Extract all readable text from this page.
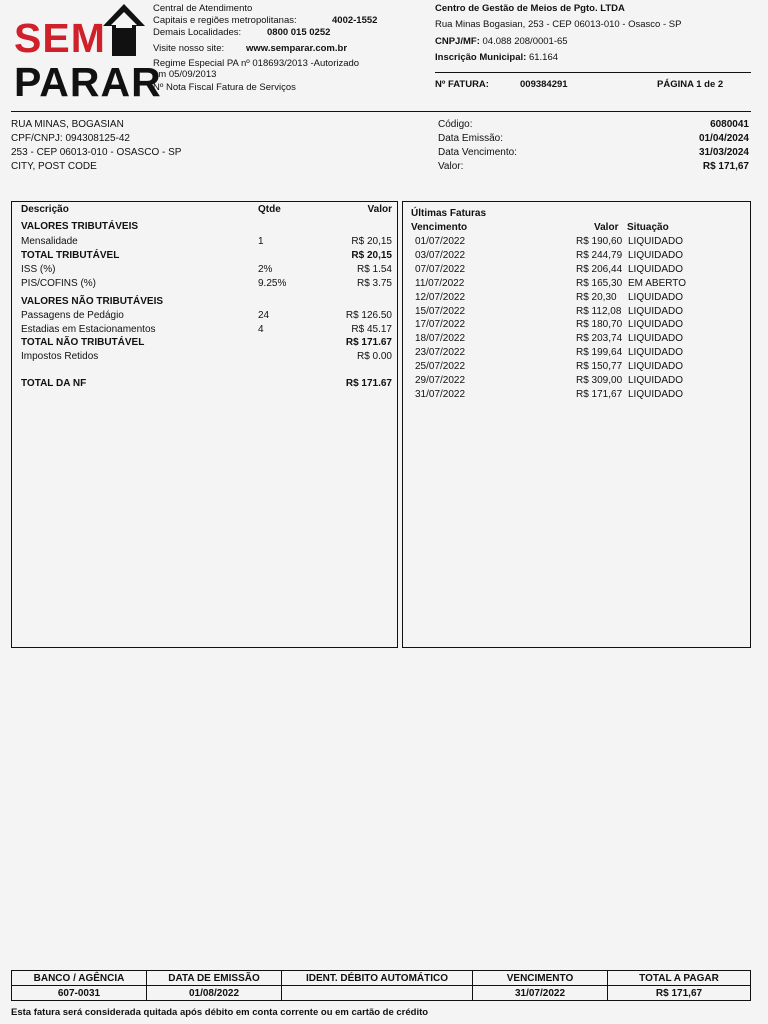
SEM
PARAR
Central de Atendimento
Capitais e regiões metropolitanas:	4002-1552
Demais Localidades:	0800 015 0252
Visite nosso site: www.semparar.com.br
Regime Especial PA nº 018693/2013 -Autorizado
em 05/09/2013
Nº Nota Fiscal Fatura de Serviços
Centro de Gestão de Meios de Pgto. LTDA
Rua Minas Bogasian, 253 - CEP 06013-010 - Osasco - SP
CNPJ/MF: 04.088 208/0001-65
Inscrição Municipal: 61.164
Nº FATURA:	009384291	PÁGINA 1 de 2
RUA MINAS, BOGASIAN
CPF/CNPJ: 094308125-42
253 - CEP 06013-010 - OSASCO - SP
CITY, POST CODE
Código:	6080041
Data Emissão:	01/04/2024
Data Vencimento:	31/03/2024
Valor:	R$ 171,67
Descrição	Qtde	Valor
VALORES TRIBUTÁVEIS
Mensalidade	1	R$ 20,15
TOTAL TRIBUTÁVEL	R$ 20,15
ISS (%)	2%	R$ 1.54
PIS/COFINS (%)	9.25%	R$ 3.75
VALORES NÃO TRIBUTÁVEIS
Passagens de Pedágio	24	R$ 126.50
Estadias em Estacionamentos	4	R$ 45.17
TOTAL NÃO TRIBUTÁVEL	R$ 171.67
Impostos Retidos	R$ 0.00
TOTAL DA NF	R$ 171.67
Últimas Faturas
Vencimento	Valor Situação
01/07/2022	R$ 190,60 LIQUIDADO
03/07/2022	R$ 244,79 LIQUIDADO
07/07/2022	R$ 206,44 LIQUIDADO
11/07/2022	R$ 165,30 EM ABERTO
12/07/2022	R$ 20,30 LIQUIDADO
15/07/2022	R$ 112,08 LIQUIDADO
17/07/2022	R$ 180,70 LIQUIDADO
18/07/2022	R$ 203,74 LIQUIDADO
23/07/2022	R$ 199,64 LIQUIDADO
25/07/2022	R$ 150,77 LIQUIDADO
29/07/2022	R$ 309,00 LIQUIDADO
31/07/2022	R$ 171,67 LIQUIDADO
BANCO / AGÊNCIA	DATA DE EMISSÃO	IDENT. DÉBITO AUTOMÁTICO	VENCIMENTO	TOTAL A PAGAR
607-0031	01/08/2022		31/07/2022	R$ 171,67
Esta fatura será considerada quitada após débito em conta corrente ou em cartão de crédito
